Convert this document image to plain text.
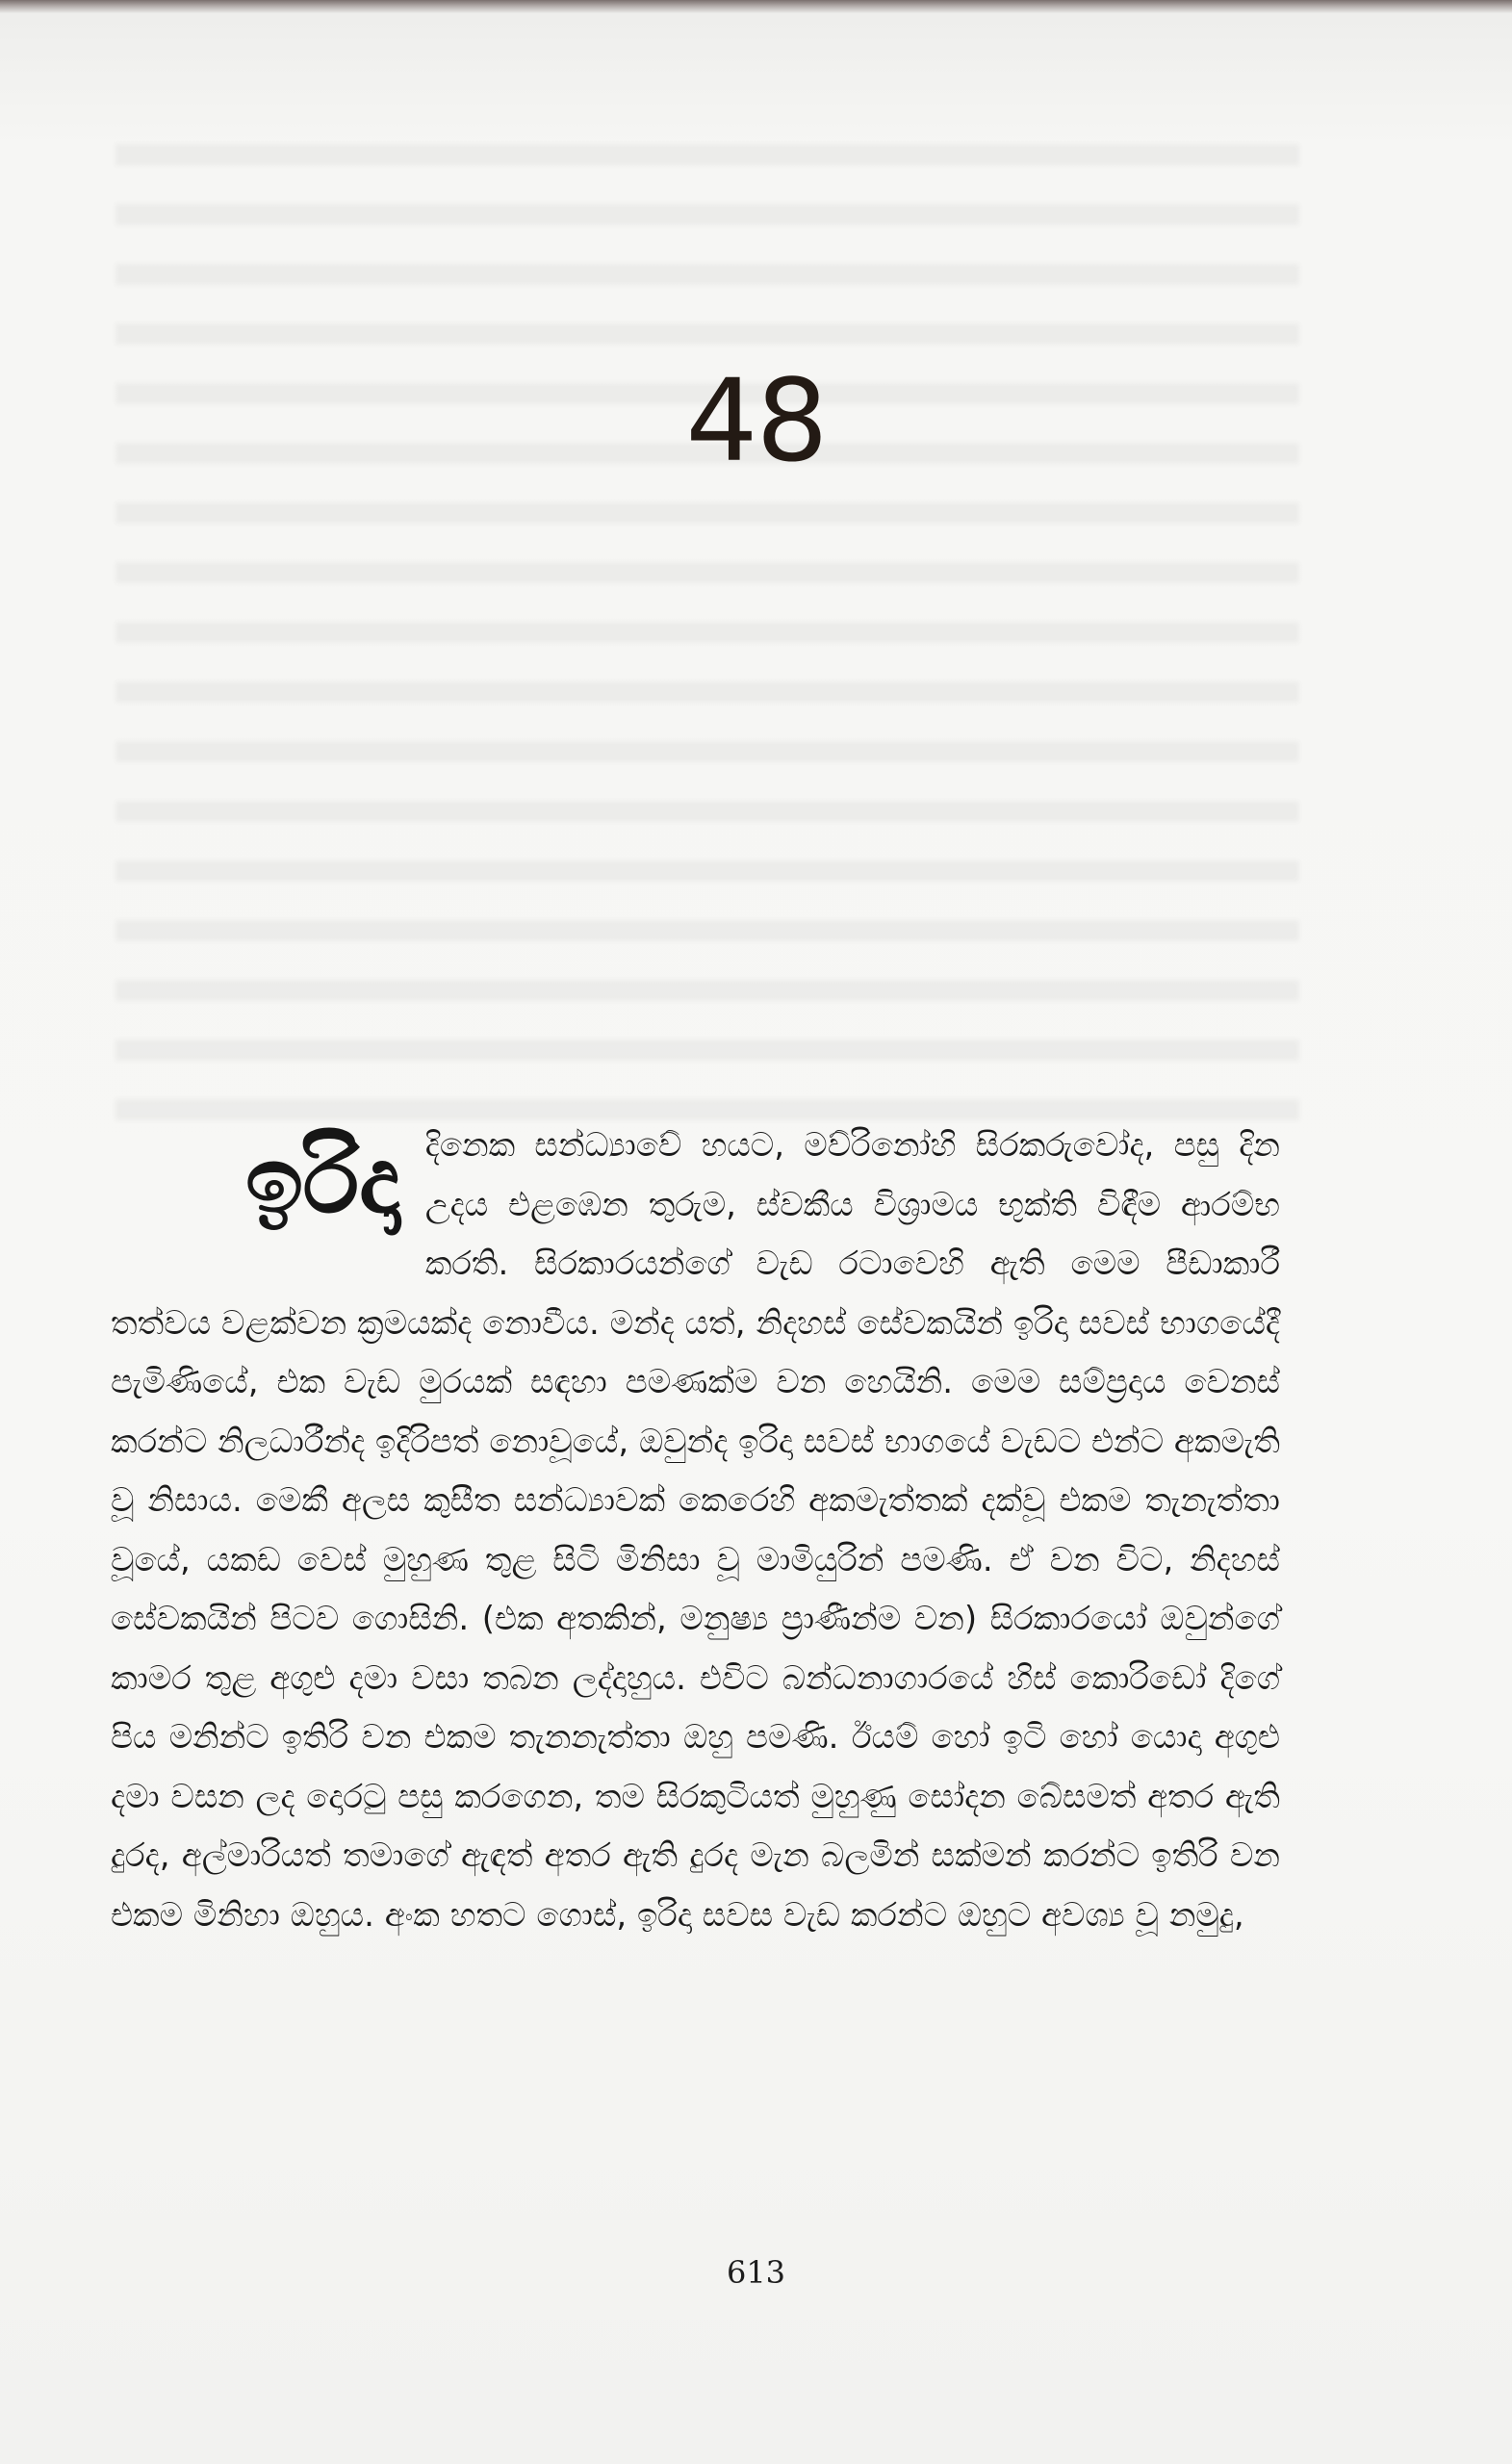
48
ඉරිදා දිනෙක සන්ධ්‍යාවේ හයට, මව්රිනෝහි සිරකරුවෝද, පසු දින උදය එළඹෙන තුරුම, ස්වකීය විශ්‍රාමය භුක්ති විඳීම ආරම්භ කරති. සිරකාරයන්ගේ වැඩ රටාවෙහි ඇති මෙම පීඩාකාරී තත්වය වළක්වන ක්‍රමයක්ද නොවීය. මන්ද යත්, නිදහස් සේවකයින් ඉරිදා සවස් භාගයේදී පැමිණියේ, එක වැඩ මුරයක් සඳහා පමණක්ම වන හෙයිනි. මෙම සම්ප්‍රදාය වෙනස් කරන්ට නිලධාරීන්ද ඉදිරිපත් නොවූයේ, ඔවුන්ද ඉරිදා සවස් භාගයේ වැඩට එන්ට අකමැති වූ නිසාය. මෙකී අලස කුසීත සන්ධ්‍යාවක් කෙරෙහි අකමැත්තක් දක්වූ එකම තැනැත්තා වූයේ, යකඩ වෙස් මුහුණ තුළ සිටි මිනිසා වූ මාමියුරින් පමණි. ඒ වන විට, නිදහස් සේවකයින් පිටව ගොසිනි. (එක අතකින්, මනුෂ්‍ය ප්‍රාණීන්ම වන) සිරකාරයෝ ඔවුන්ගේ කාමර තුළ අගුළු දමා වසා තබන ලද්දාහුය. එවිට බන්ධනාගාරයේ හිස් කොරිඩෝ දිගේ පිය මනින්ට ඉතිරි වන එකම තැනනැත්තා ඔහු පමණි. ඊයම් හෝ ඉටි හෝ යොදා අගුළු දමා වසන ලද දොරටු පසු කරගෙන, තම සිරකුටියත් මුහුණු සෝදන බේසමත් අතර ඇති දුරද, අල්මාරියත් තමාගේ ඇඳත් අතර ඇති දුරද මැන බලමින් සක්මන් කරන්ට ඉතිරි වන එකම මිනිහා ඔහුය. අංක හතට ගොස්, ඉරිදා සවස වැඩ කරන්ට ඔහුට අවශ්‍ය වූ නමුදු,
613
